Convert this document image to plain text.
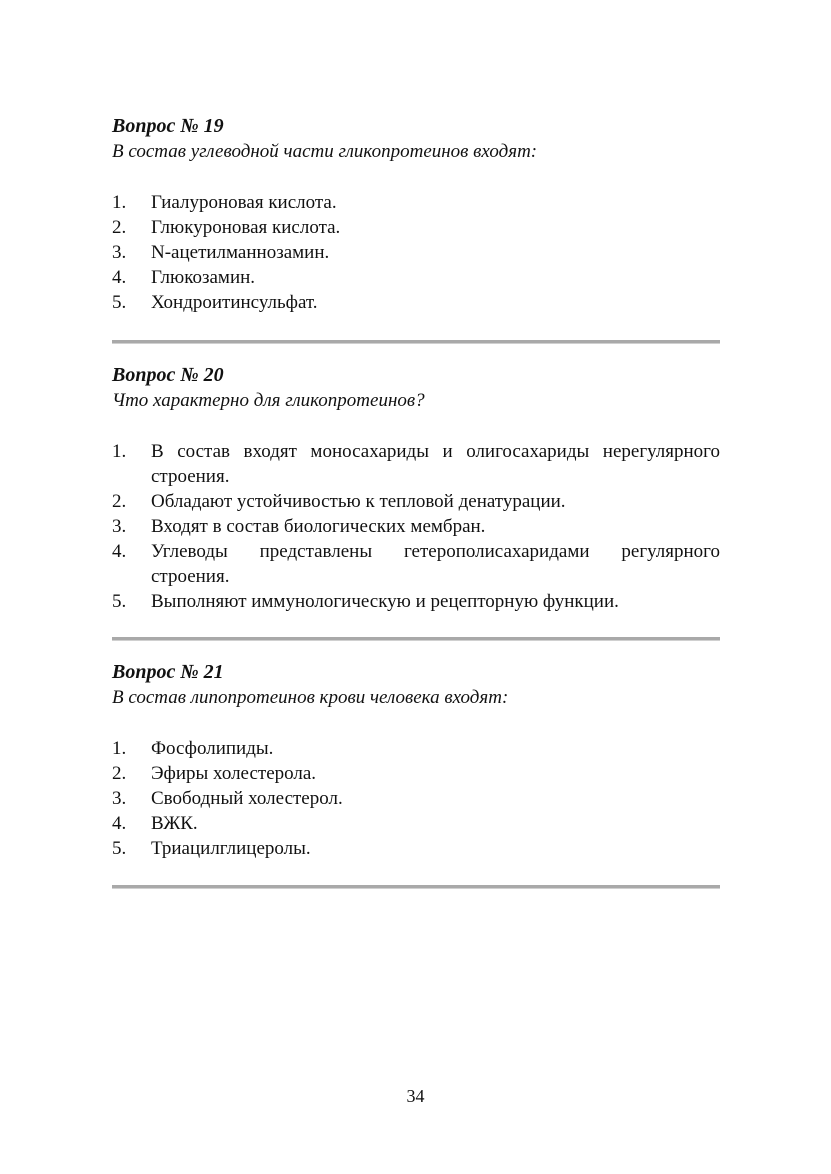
Вопрос № 19

В состав углеводной части гликопротеинов входят:

1. Гиалуроновая кислота.
2. Глюкуроновая кислота.
3. N-ацетилманнозамин.
4. Глюкозамин.
5. Хондроитинсульфат.

Вопрос № 20

Что характерно для гликопротеинов?

1. В состав входят моносахариды и олигосахариды нерегулярного строения.
2. Обладают устойчивостью к тепловой денатурации.
3. Входят в состав биологических мембран.
4. Углеводы представлены гетерополисахаридами регулярного строения.
5. Выполняют иммунологическую и рецепторную функции.

Вопрос № 21

В состав липопротеинов крови человека входят:

1. Фосфолипиды.
2. Эфиры холестерола.
3. Свободный холестерол.
4. ВЖК.
5. Триацилглицеролы.
34
